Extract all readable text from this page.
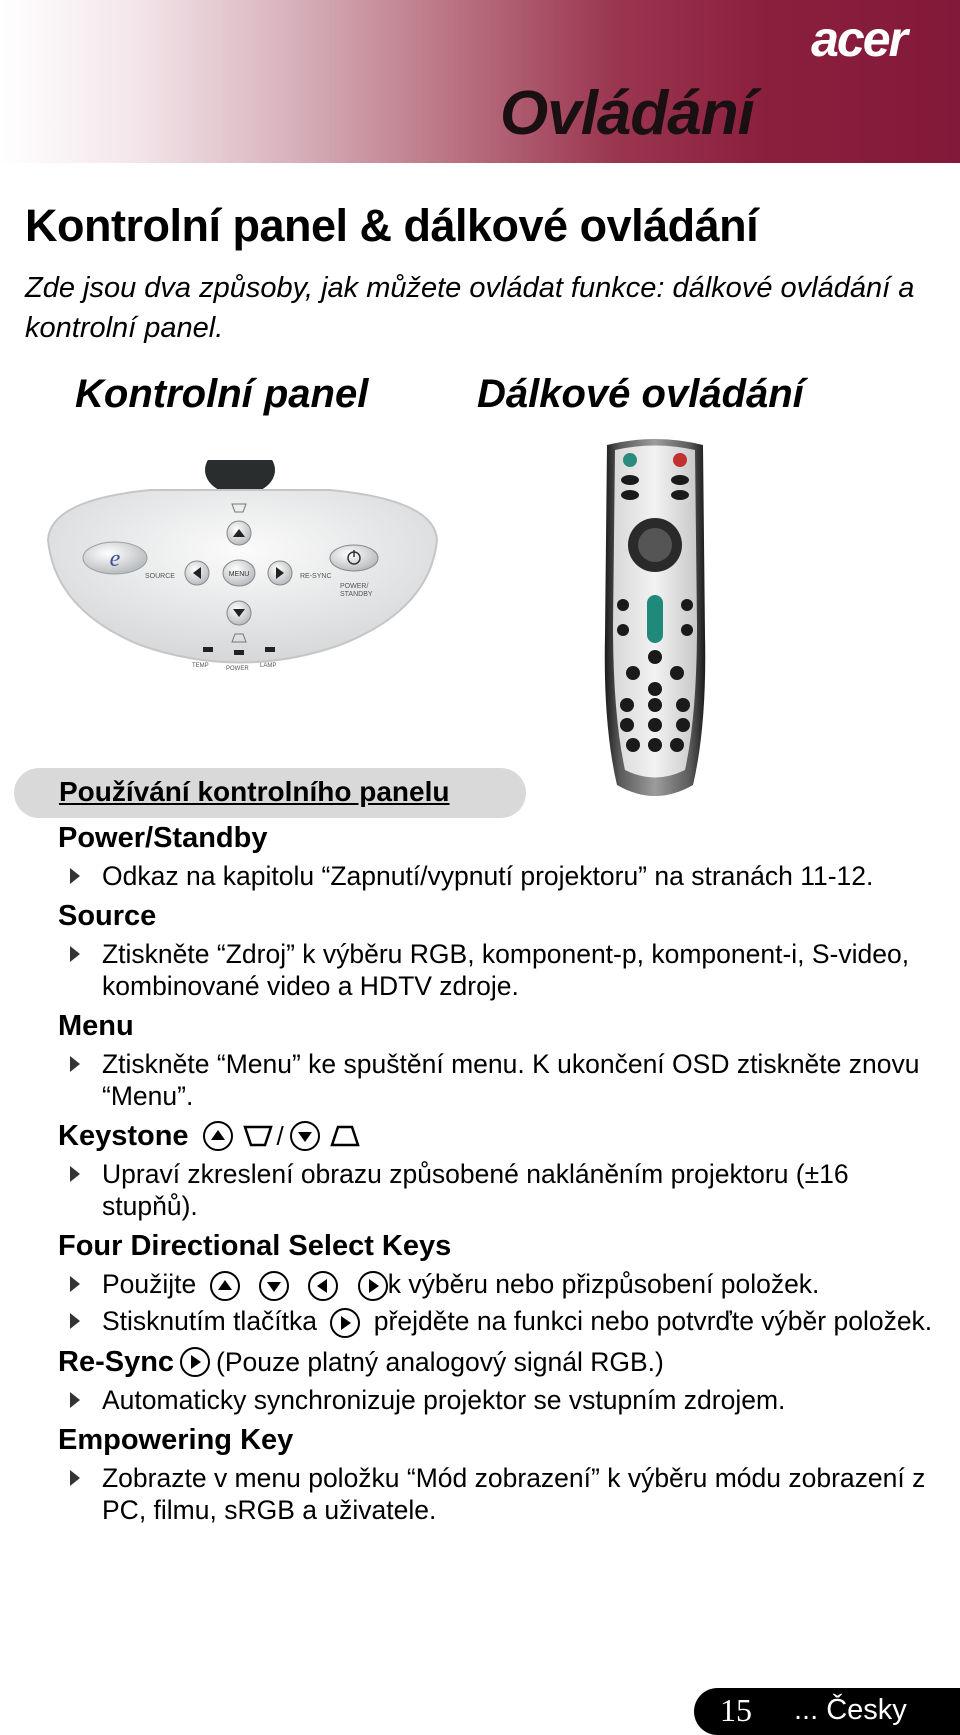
acer
Ovládání
Kontrolní panel & dálkové ovládání
Zde jsou dva způsoby, jak můžete ovládat funkce: dálkové ovládání a kontrolní panel.
Kontrolní panel	Dálkové ovládání
e
SOURCE	MENU	RE-SYNC
POWER/
STANDBY
TEMP	POWER LAMP
Používání kontrolního panelu

Power/Standby

Odkaz na kapitolu “Zapnutí/vypnutí projektoru” na stranách 11-12.

Source

Ztiskněte “Zdroj” k výběru RGB, komponent-p, komponent-i, S-video, kombinované video a HDTV zdroje.

Menu

Ztiskněte “Menu” ke spuštění menu. K ukončení OSD ztiskněte znovu “Menu”.

Keystone	/

Upraví zkreslení obrazu způsobené nakláněním projektoru (±16 stupňů).

Four Directional Select Keys

Použijte	k výběru nebo přizpůsobení položek.
Stisknutím tlačítka přejděte na funkci nebo potvrďte výběr položek.

Re-Sync (Pouze platný analogový signál RGB.)

Automaticky synchronizuje projektor se vstupním zdrojem.

Empowering Key

Zobrazte v menu položku “Mód zobrazení” k výběru módu zobrazení z PC, filmu, sRGB a uživatele.
15 ... Česky
